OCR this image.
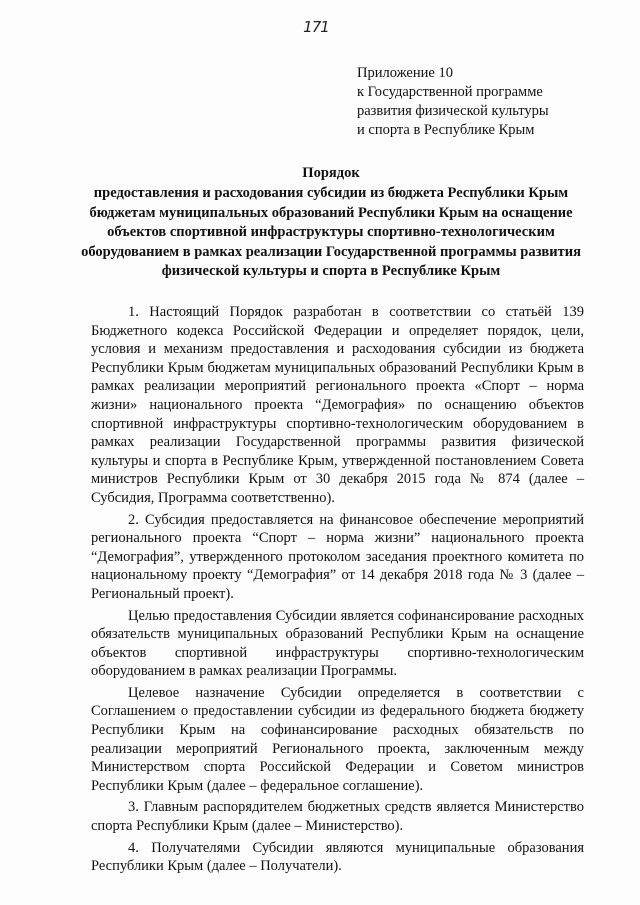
171
Приложение 10
к Государственной программе
развития физической культуры
и спорта в Республике Крым
Порядок
предоставления и расходования субсидии из бюджета Республики Крым бюджетам муниципальных образований Республики Крым на оснащение объектов спортивной инфраструктуры спортивно-технологическим оборудованием в рамках реализации Государственной программы развития физической культуры и спорта в Республике Крым

1. Настоящий Порядок разработан в соответствии со статьёй 139 Бюджетного кодекса Российской Федерации и определяет порядок, цели, условия и механизм предоставления и расходования субсидии из бюджета Республики Крым бюджетам муниципальных образований Республики Крым в рамках реализации мероприятий регионального проекта «Спорт – норма жизни» национального проекта “Демография» по оснащению объектов спортивной инфраструктуры спортивно-технологическим оборудованием в рамках реализации Государственной программы развития физической культуры и спорта в Республике Крым, утвержденной постановлением Совета министров Республики Крым от 30 декабря 2015 года № 874 (далее – Субсидия, Программа соответственно).

2. Субсидия предоставляется на финансовое обеспечение мероприятий регионального проекта “Спорт – норма жизни” национального проекта “Демография”, утвержденного протоколом заседания проектного комитета по национальному проекту “Демография” от 14 декабря 2018 года № 3 (далее – Региональный проект).

Целью предоставления Субсидии является софинансирование расходных обязательств муниципальных образований Республики Крым на оснащение объектов спортивной инфраструктуры спортивно-технологическим оборудованием в рамках реализации Программы.

Целевое назначение Субсидии определяется в соответствии с Соглашением о предоставлении субсидии из федерального бюджета бюджету Республики Крым на софинансирование расходных обязательств по реализации мероприятий Регионального проекта, заключенным между Министерством спорта Российской Федерации и Советом министров Республики Крым (далее – федеральное соглашение).

3. Главным распорядителем бюджетных средств является Министерство спорта Республики Крым (далее – Министерство).

4. Получателями Субсидии являются муниципальные образования Республики Крым (далее – Получатели).
